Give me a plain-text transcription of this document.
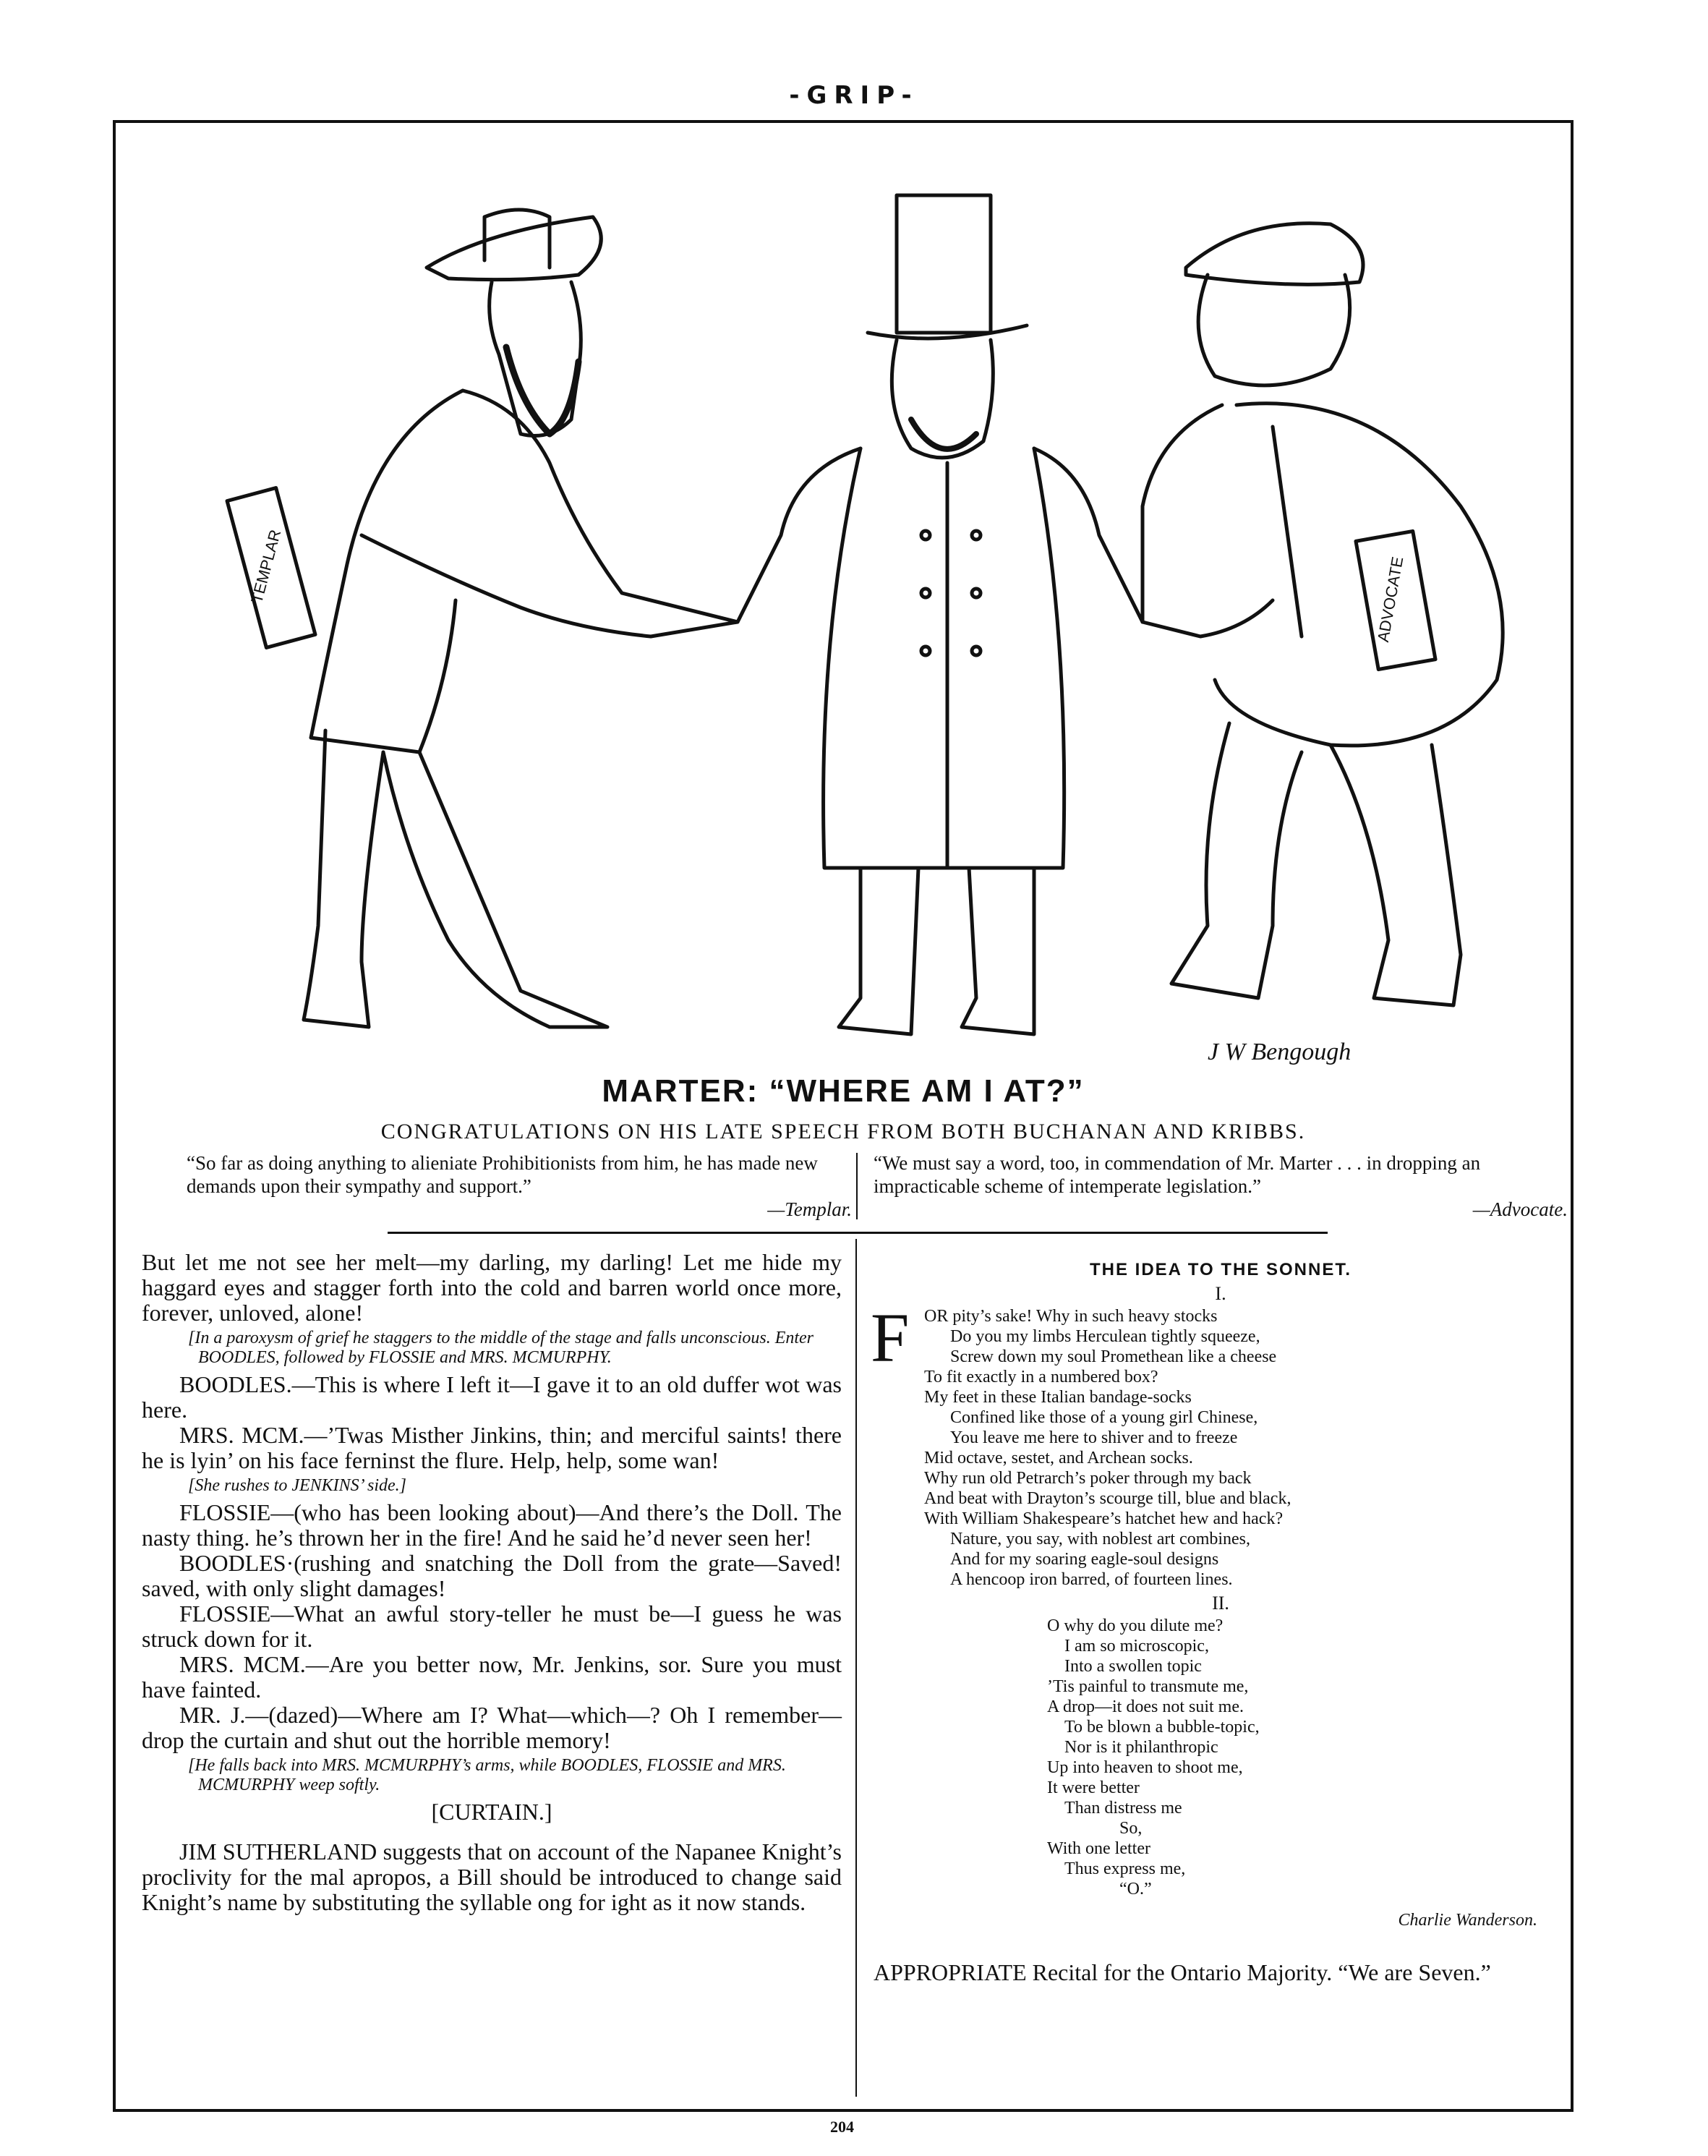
-GRIP-
TEMPLAR	ADVOCATE
J W Bengough
MARTER: “WHERE AM I AT?”
CONGRATULATIONS ON HIS LATE SPEECH FROM BOTH BUCHANAN AND KRIBBS.
“So far as doing anything to alieniate Prohibitionists from him, he has made new demands upon their sympathy and support.”
—Templar.
“We must say a word, too, in commendation of Mr. Marter . . . in dropping an impracticable scheme of intemperate legislation.”
—Advocate.

But let me not see her melt—my darling, my darling! Let me hide my haggard eyes and stagger forth into the cold and barren world once more, forever, unloved, alone!

[In a paroxysm of grief he staggers to the middle of the stage and falls unconscious. Enter BOODLES, followed by FLOSSIE and MRS. MCMURPHY.

BOODLES.—This is where I left it—I gave it to an old duffer wot was here.

MRS. MCM.—’Twas Misther Jinkins, thin; and merciful saints! there he is lyin’ on his face ferninst the flure. Help, help, some wan!

[She rushes to JENKINS’ side.]

FLOSSIE—(who has been looking about)—And there’s the Doll. The nasty thing. he’s thrown her in the fire! And he said he’d never seen her!

BOODLES·(rushing and snatching the Doll from the grate—Saved! saved, with only slight damages!

FLOSSIE—What an awful story-teller he must be—I guess he was struck down for it.

MRS. MCM.—Are you better now, Mr. Jenkins, sor. Sure you must have fainted.

MR. J.—(dazed)—Where am I? What—which—? Oh I remember—drop the curtain and shut out the horrible memory!

[He falls back into MRS. MCMURPHY’s arms, while BOODLES, FLOSSIE and MRS. MCMURPHY weep softly.

[CURTAIN.]

JIM SUTHERLAND suggests that on account of the Napanee Knight’s proclivity for the mal apropos, a Bill should be introduced to change said Knight’s name by substituting the syllable ong for ight as it now stands.

THE IDEA TO THE SONNET.
I.
F OR pity’s sake! Why in such heavy stocks
Do you my limbs Herculean tightly squeeze,
Screw down my soul Promethean like a cheese
To fit exactly in a numbered box?
My feet in these Italian bandage-socks
Confined like those of a young girl Chinese,
You leave me here to shiver and to freeze
Mid octave, sestet, and Archean socks.
Why run old Petrarch’s poker through my back
And beat with Drayton’s scourge till, blue and black,
With William Shakespeare’s hatchet hew and hack?
Nature, you say, with noblest art combines,
And for my soaring eagle-soul designs
A hencoop iron barred, of fourteen lines.
II.
O why do you dilute me?
I am so microscopic,
Into a swollen topic
’Tis painful to transmute me,
A drop—it does not suit me.
To be blown a bubble-topic,
Nor is it philanthropic
Up into heaven to shoot me,
It were better
Than distress me
So,
With one letter
Thus express me,
“O.”
Charlie Wanderson.

APPROPRIATE Recital for the Ontario Majority. “We are Seven.”

204
